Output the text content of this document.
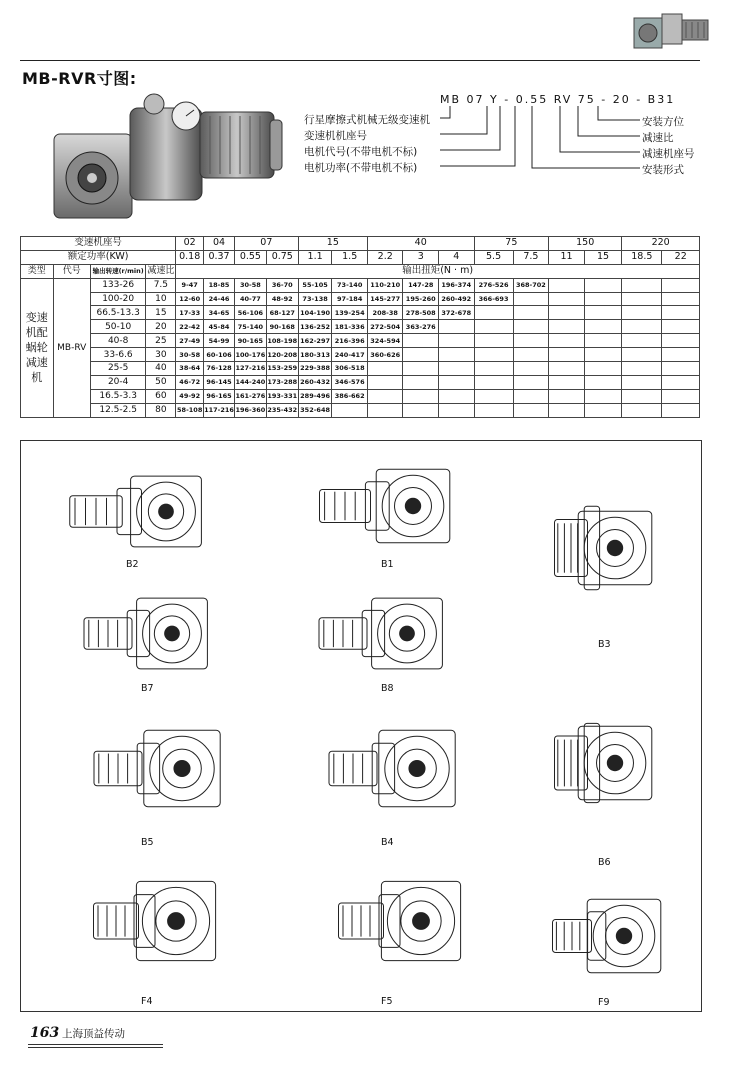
MB-RVR寸图:
MB 07 Y - 0.55 RV 75 - 20 - B31
行星摩擦式机械无级变速机
变速机机座号
电机代号(不带电机不标)
电机功率(不带电机不标)
安装方位
减速比
减速机座号
安装形式
变速机座号				02	04	07		15		40			75		150		220	
额定功率(KW)				0.18	0.37	0.55	0.75	1.1	1.5	2.2	3	4	5.5	7.5	11	15	18.5	22
类型	代号	输出转速(r/min)	减速比	输出扭矩(N · m)														
变速机配蜗轮减速机	MB-RV	133-26	7.5	9-47	18-85	30-58	36-70	55-105	73-140	110-210	147-28	196-374	276-526	368-702				
		100-20	10	12-60	24-46	40-77	48-92	73-138	97-184	145-277	195-260	260-492	366-693					
		66.5-13.3	15	17-33	34-65	56-106	68-127	104-190	139-254	208-38	278-508	372-678						
		50-10	20	22-42	45-84	75-140	90-168	136-252	181-336	272-504	363-276							
		40-8	25	27-49	54-99	90-165	108-198	162-297	216-396	324-594								
		33-6.6	30	30-58	60-106	100-176	120-208	180-313	240-417	360-626								
		25-5	40	38-64	76-128	127-216	153-259	229-388	306-518									
		20-4	50	46-72	96-145	144-240	173-288	260-432	346-576									
		16.5-3.3	60	49-92	96-165	161-276	193-331	289-496	386-662									
		12.5-2.5	80	58-108	117-216	196-360	235-432	352-648										
B2	B1
B3
B7	B8
B5	B4
B6
F4	F5	F9
163 上海顶益传动
